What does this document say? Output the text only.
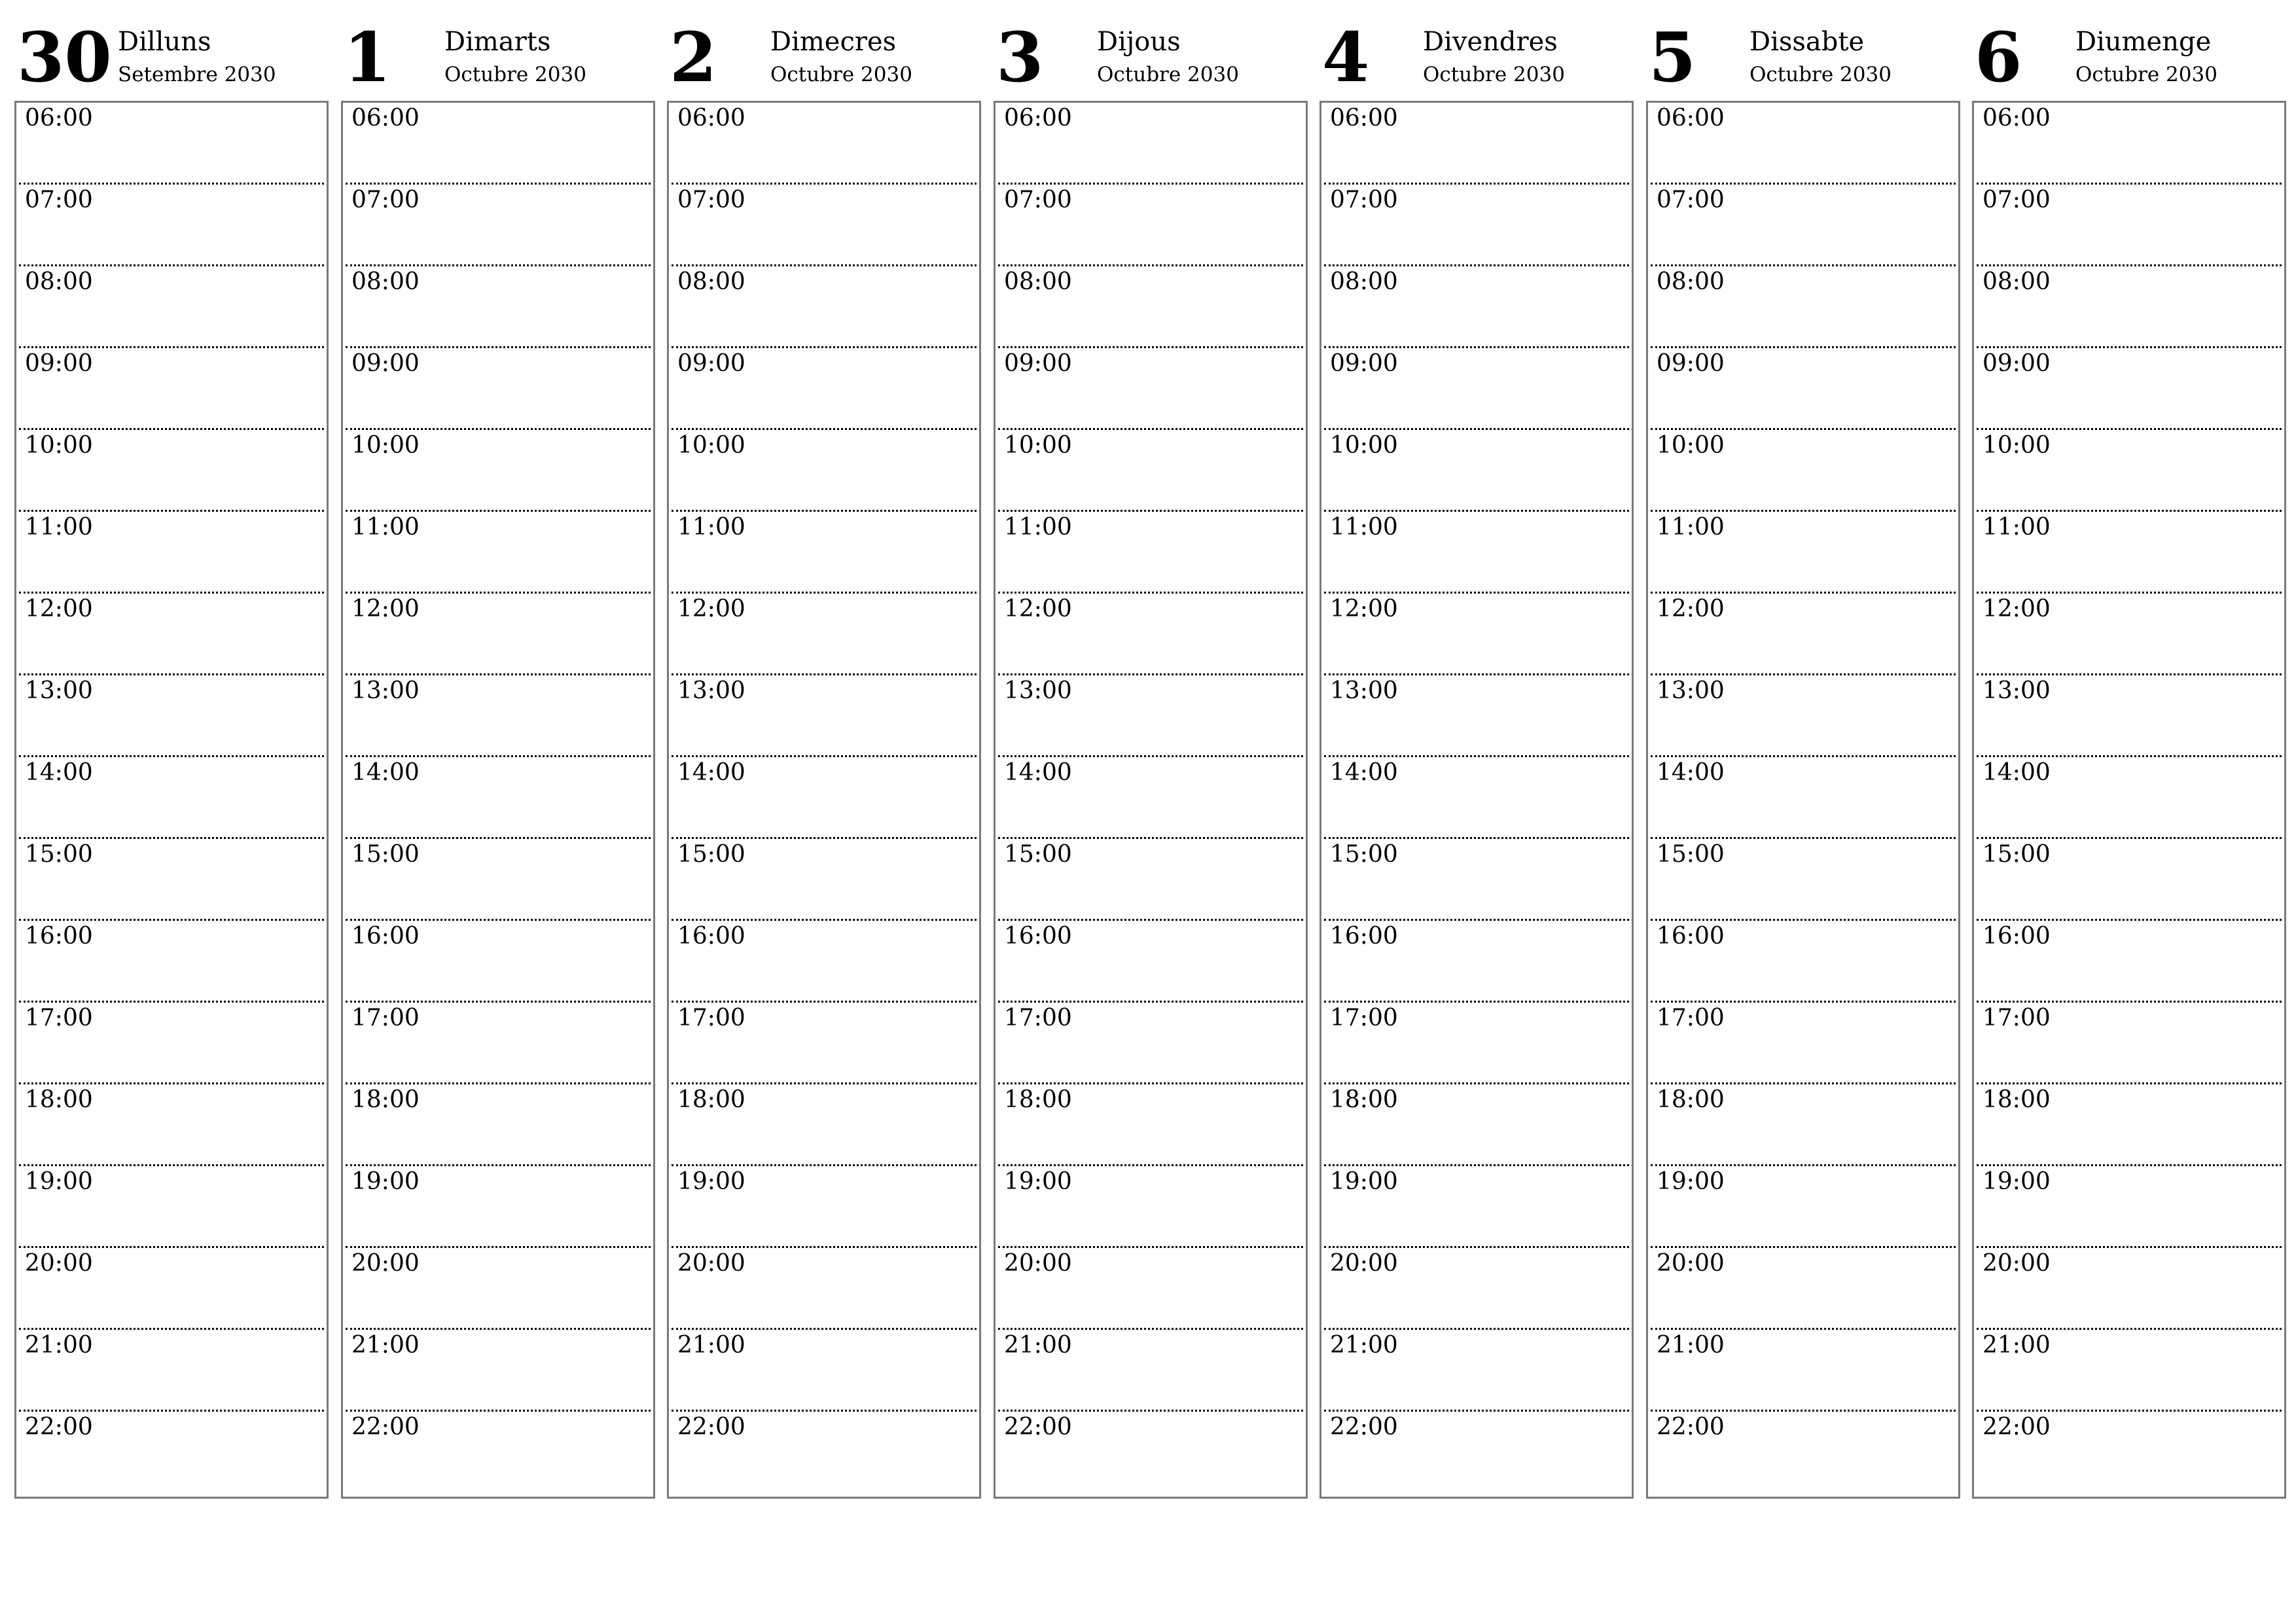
30 Dilluns
Setembre 2030
06:00
07:00
08:00
09:00
10:00
11:00
12:00
13:00
14:00
15:00
16:00
17:00
18:00
19:00
20:00
21:00
22:00
1 Dimarts
Octubre 2030
06:00
07:00
08:00
09:00
10:00
11:00
12:00
13:00
14:00
15:00
16:00
17:00
18:00
19:00
20:00
21:00
22:00
2 Dimecres
Octubre 2030
06:00
07:00
08:00
09:00
10:00
11:00
12:00
13:00
14:00
15:00
16:00
17:00
18:00
19:00
20:00
21:00
22:00
3 Dijous
Octubre 2030
06:00
07:00
08:00
09:00
10:00
11:00
12:00
13:00
14:00
15:00
16:00
17:00
18:00
19:00
20:00
21:00
22:00
4 Divendres
Octubre 2030
06:00
07:00
08:00
09:00
10:00
11:00
12:00
13:00
14:00
15:00
16:00
17:00
18:00
19:00
20:00
21:00
22:00
5 Dissabte
Octubre 2030
06:00
07:00
08:00
09:00
10:00
11:00
12:00
13:00
14:00
15:00
16:00
17:00
18:00
19:00
20:00
21:00
22:00
6 Diumenge
Octubre 2030
06:00
07:00
08:00
09:00
10:00
11:00
12:00
13:00
14:00
15:00
16:00
17:00
18:00
19:00
20:00
21:00
22:00
